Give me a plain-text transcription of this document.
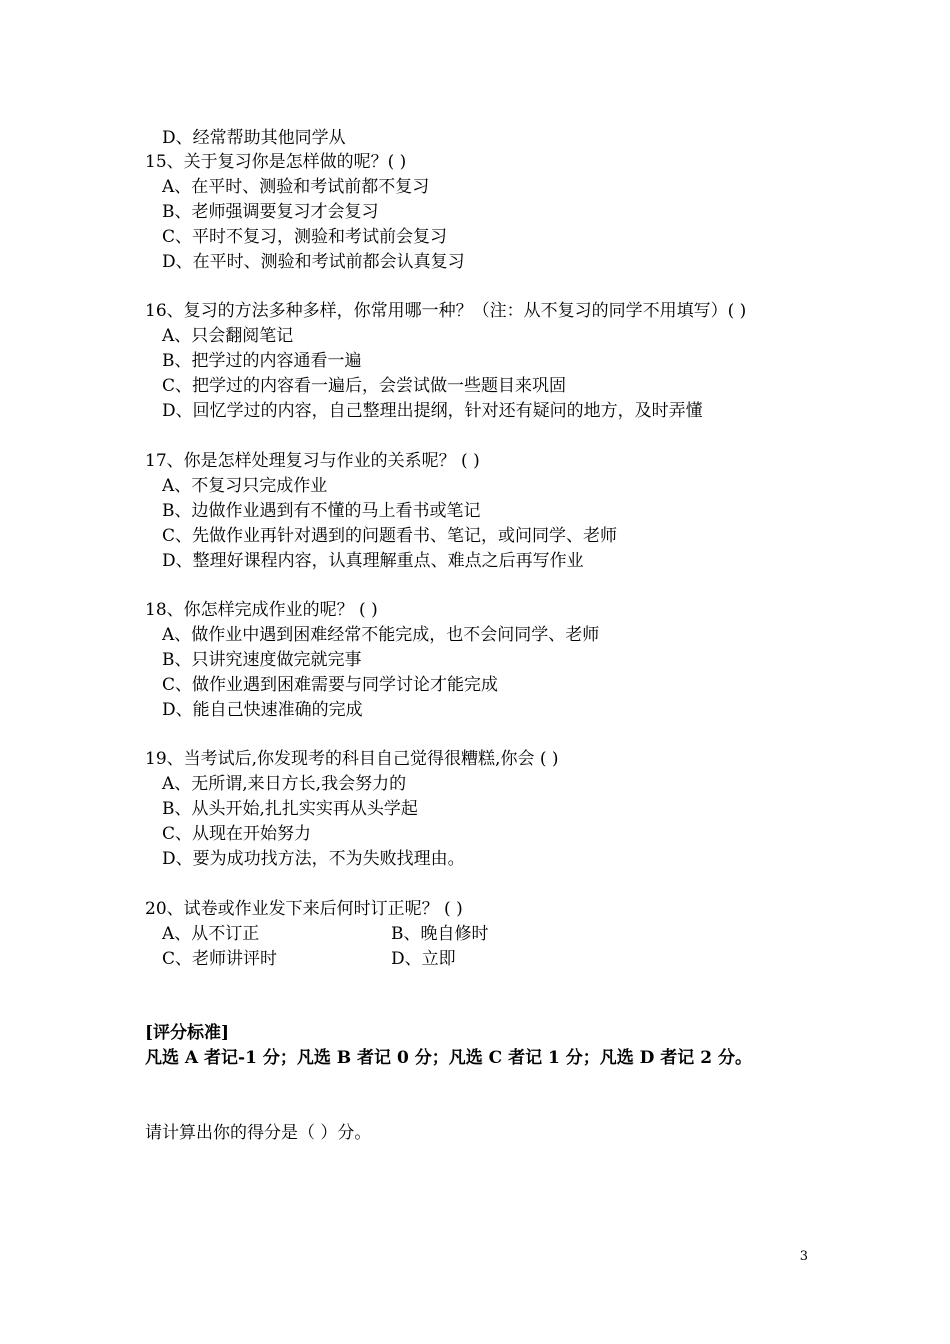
D、经常帮助其他同学从
15、关于复习你是怎样做的呢？( )
A、在平时、测验和考试前都不复习
B、老师强调要复习才会复习
C、平时不复习，测验和考试前会复习
D、在平时、测验和考试前都会认真复习
16、复习的方法多种多样，你常用哪一种？（注：从不复习的同学不用填写）( )
A、只会翻阅笔记
B、把学过的内容通看一遍
C、把学过的内容看一遍后，会尝试做一些题目来巩固
D、回忆学过的内容，自己整理出提纲，针对还有疑问的地方，及时弄懂
17、你是怎样处理复习与作业的关系呢？ ( )
A、不复习只完成作业
B、边做作业遇到有不懂的马上看书或笔记
C、先做作业再针对遇到的问题看书、笔记，或问同学、老师
D、整理好课程内容，认真理解重点、难点之后再写作业
18、你怎样完成作业的呢？ ( )
A、做作业中遇到困难经常不能完成，也不会问同学、老师
B、只讲究速度做完就完事
C、做作业遇到困难需要与同学讨论才能完成
D、能自己快速准确的完成
19、当考试后,你发现考的科目自己觉得很糟糕,你会 ( )
A、无所谓,来日方长,我会努力的
B、从头开始,扎扎实实再从头学起
C、从现在开始努力
D、要为成功找方法，不为失败找理由。
20、试卷或作业发下来后何时订正呢？ ( )
A、从不订正	B、晚自修时
C、老师讲评时	D、立即
[评分标准]
凡选 A 者记-1 分；凡选 B 者记 0 分；凡选 C 者记 1 分；凡选 D 者记 2 分。
请计算出你的得分是（ ）分。
3
